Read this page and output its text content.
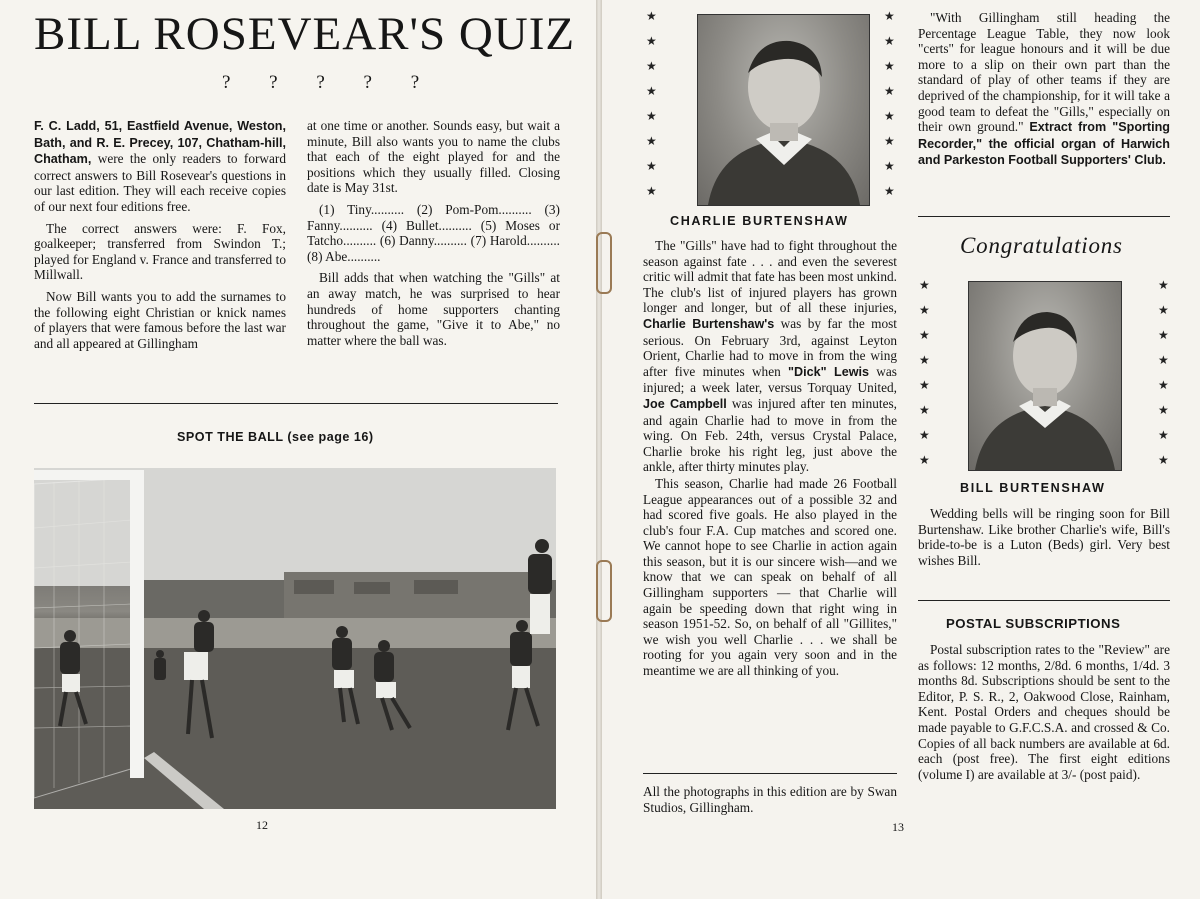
BILL ROSEVEAR'S QUIZ
? ? ? ? ?

F. C. Ladd, 51, Eastfield Avenue, Weston, Bath, and R. E. Precey, 107, Chatham-hill, Chatham, were the only readers to forward correct answers to Bill Rosevear's questions in our last edition. They will each receive copies of our next four editions free.

The correct answers were: F. Fox, goalkeeper; transferred from Swindon T.; played for England v. France and transferred to Millwall.

Now Bill wants you to add the surnames to the following eight Christian or knick names of players that were famous before the last war and all appeared at Gillingham

at one time or another. Sounds easy, but wait a minute, Bill also wants you to name the clubs that each of the eight played for and the positions which they usually filled. Closing date is May 31st.

(1) Tiny.......... (2) Pom-Pom.......... (3) Fanny.......... (4) Bullet.......... (5) Moses or Tatcho.......... (6) Danny.......... (7) Harold.......... (8) Abe..........

Bill adds that when watching the "Gills" at an away match, he was surprised to hear hundreds of home supporters chanting throughout the game, "Give it to Abe," no matter where the ball was.

SPOT THE BALL (see page 16)
12
★
★
★
★
★
★
★
★
★
★
★
★
★
★
★
★
CHARLIE BURTENSHAW

The "Gills" have had to fight throughout the season against fate . . . and even the severest critic will admit that fate has been most unkind. The club's list of injured players has grown longer and longer, but of all these injuries, Charlie Burtenshaw's was by far the most serious. On February 3rd, against Leyton Orient, Charlie had to move in from the wing after five minutes when "Dick" Lewis was injured; a week later, versus Torquay United, Joe Campbell was injured after ten minutes, and again Charlie had to move in from the wing. On Feb. 24th, versus Crystal Palace, Charlie broke his right leg, just above the ankle, after thirty minutes play.

This season, Charlie had made 26 Football League appearances out of a possible 32 and had scored five goals. He also played in the club's four F.A. Cup matches and scored one. We cannot hope to see Charlie in action again this season, but it is our sincere wish—and we know that we can speak on behalf of all Gillingham supporters — that Charlie will again be speeding down that right wing in season 1951-52. So, on behalf of all "Gillites," we wish you well Charlie . . . we shall be rooting for you again very soon and in the meantime we are all thinking of you.

All the photographs in this edition are by Swan Studios, Gillingham.
13

"With Gillingham still heading the Percentage League Table, they now look "certs" for league honours and it will be due more to a slip on their own part than the standard of play of other teams if they are deprived of the championship, for it will take a good team to defeat the "Gills," especially on their own ground." Extract from "Sporting Recorder," the official organ of Harwich and Parkeston Football Supporters' Club.

Congratulations
★
★
★
★
★
★
★
★
★
★
★
★
★
★
★
★
BILL BURTENSHAW

Wedding bells will be ringing soon for Bill Burtenshaw. Like brother Charlie's wife, Bill's bride-to-be is a Luton (Beds) girl. Very best wishes Bill.

POSTAL SUBSCRIPTIONS

Postal subscription rates to the "Review" are as follows: 12 months, 2/8d. 6 months, 1/4d. 3 months 8d. Subscriptions should be sent to the Editor, P. S. R., 2, Oakwood Close, Rainham, Kent. Postal Orders and cheques should be made payable to G.F.C.S.A. and crossed & Co. Copies of all back numbers are available at 6d. each (post free). The first eight editions (volume I) are available at 3/- (post paid).
